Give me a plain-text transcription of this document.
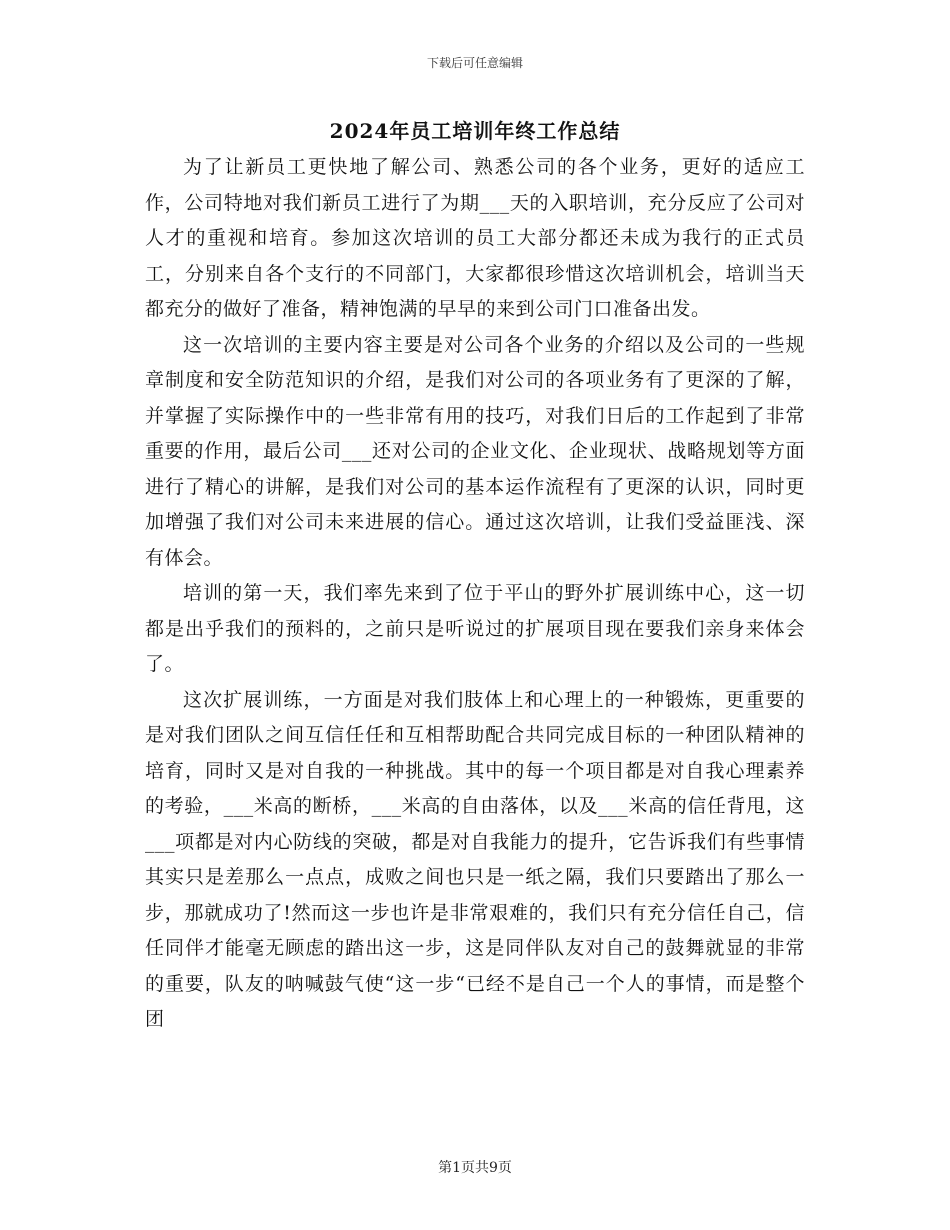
下载后可任意编辑
2024年员工培训年终工作总结

为了让新员工更快地了解公司、熟悉公司的各个业务，更好的适应工作，公司特地对我们新员工进行了为期___天的入职培训，充分反应了公司对人才的重视和培育。参加这次培训的员工大部分都还未成为我行的正式员工，分别来自各个支行的不同部门，大家都很珍惜这次培训机会，培训当天都充分的做好了准备，精神饱满的早早的来到公司门口准备出发。

这一次培训的主要内容主要是对公司各个业务的介绍以及公司的一些规章制度和安全防范知识的介绍，是我们对公司的各项业务有了更深的了解，并掌握了实际操作中的一些非常有用的技巧，对我们日后的工作起到了非常重要的作用，最后公司___还对公司的企业文化、企业现状、战略规划等方面进行了精心的讲解，是我们对公司的基本运作流程有了更深的认识，同时更加增强了我们对公司未来进展的信心。通过这次培训，让我们受益匪浅、深有体会。

培训的第一天，我们率先来到了位于平山的野外扩展训练中心，这一切都是出乎我们的预料的，之前只是听说过的扩展项目现在要我们亲身来体会了。

这次扩展训练，一方面是对我们肢体上和心理上的一种锻炼，更重要的是对我们团队之间互信任任和互相帮助配合共同完成目标的一种团队精神的培育，同时又是对自我的一种挑战。其中的每一个项目都是对自我心理素养的考验，___米高的断桥，___米高的自由落体，以及___米高的信任背甩，这___项都是对内心防线的突破，都是对自我能力的提升，它告诉我们有些事情其实只是差那么一点点，成败之间也只是一纸之隔，我们只要踏出了那么一步，那就成功了!然而这一步也许是非常艰难的，我们只有充分信任自己，信任同伴才能毫无顾虑的踏出这一步，这是同伴队友对自己的鼓舞就显的非常的重要，队友的呐喊鼓气使“这一步“已经不是自己一个人的事情，而是整个团

第1页共9页
